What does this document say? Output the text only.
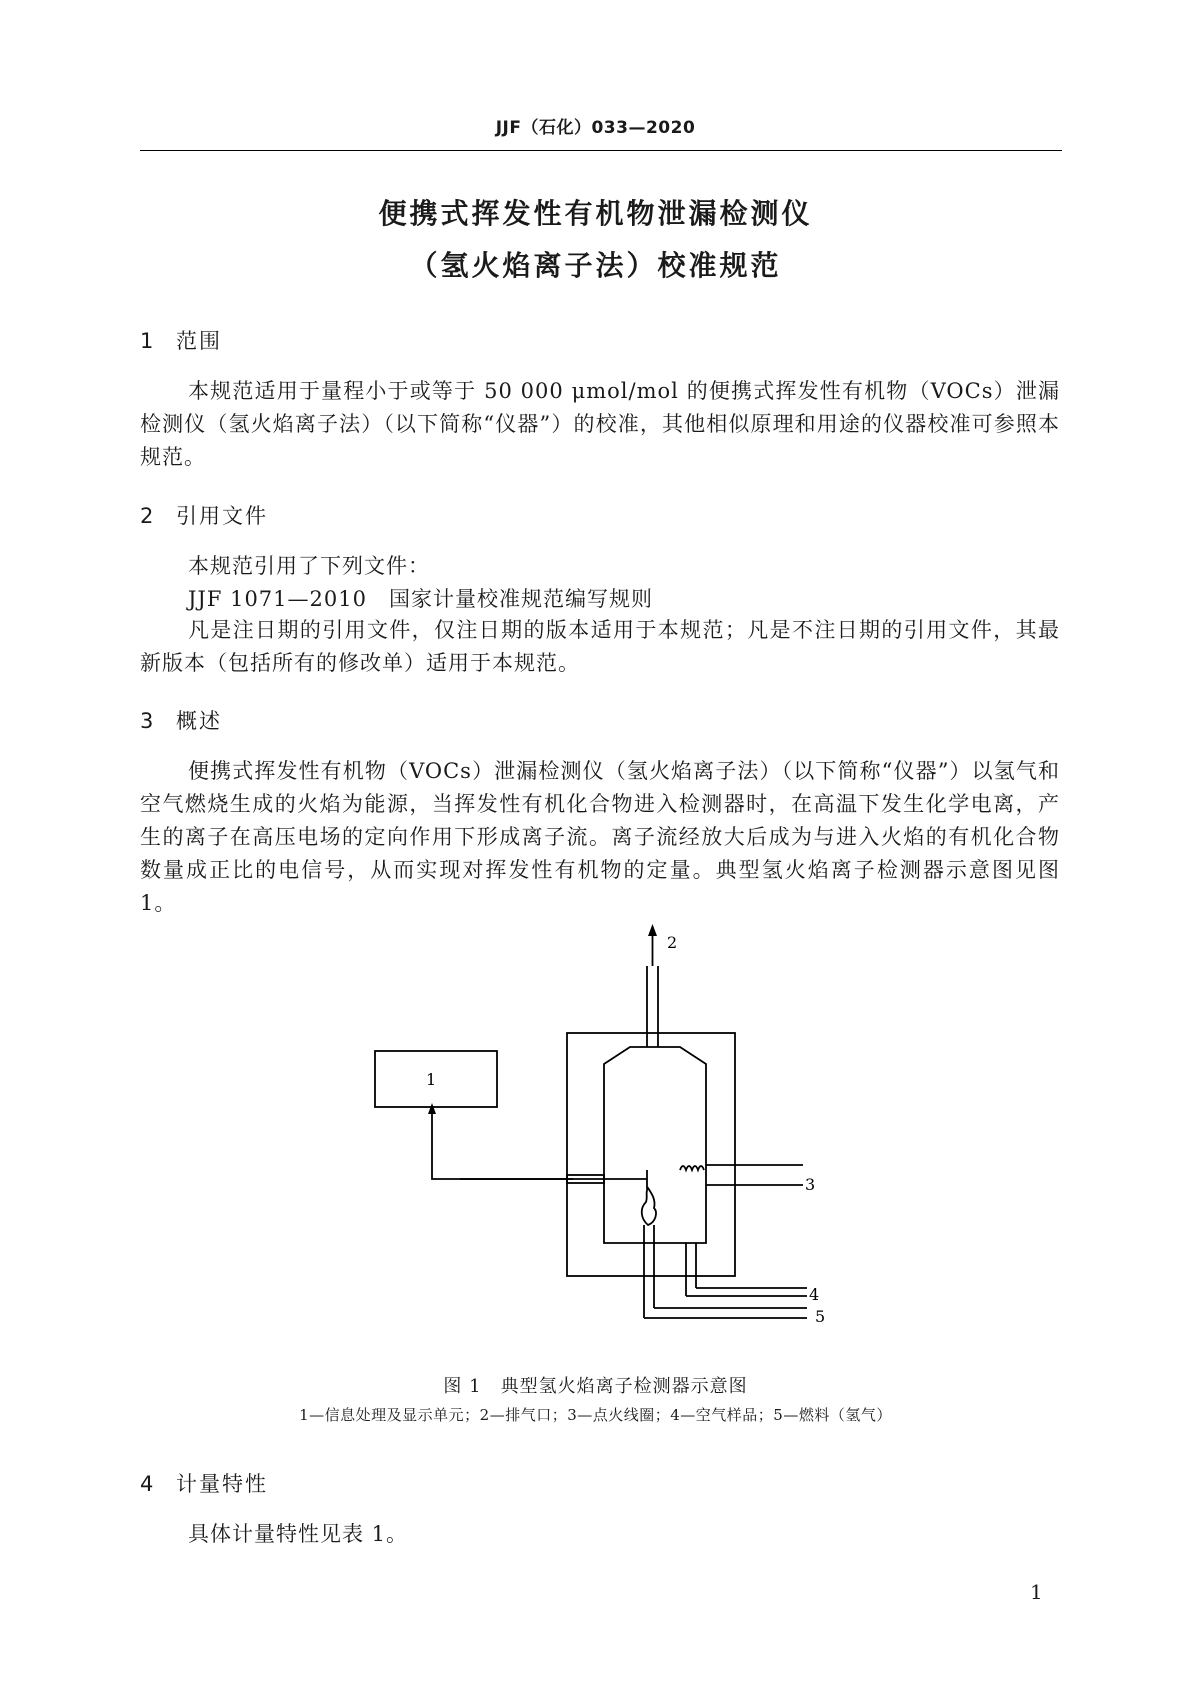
JJF（石化）033—2020
便携式挥发性有机物泄漏检测仪
（氢火焰离子法）校准规范
1 范围
本规范适用于量程小于或等于 50 000 μmol/mol 的便携式挥发性有机物（VOCs）泄漏检测仪（氢火焰离子法）（以下简称“仪器”）的校准，其他相似原理和用途的仪器校准可参照本规范。
2 引用文件
本规范引用了下列文件：
JJF 1071—2010　国家计量校准规范编写规则
凡是注日期的引用文件，仅注日期的版本适用于本规范；凡是不注日期的引用文件，其最新版本（包括所有的修改单）适用于本规范。
3 概述
便携式挥发性有机物（VOCs）泄漏检测仪（氢火焰离子法）（以下简称“仪器”）以氢气和空气燃烧生成的火焰为能源，当挥发性有机化合物进入检测器时，在高温下发生化学电离，产生的离子在高压电场的定向作用下形成离子流。离子流经放大后成为与进入火焰的有机化合物数量成正比的电信号，从而实现对挥发性有机物的定量。典型氢火焰离子检测器示意图见图 1。
1
2
3
4
5
图 1　典型氢火焰离子检测器示意图
1—信息处理及显示单元；2—排气口；3—点火线圈；4—空气样品；5—燃料（氢气）
4 计量特性
具体计量特性见表 1。
1
